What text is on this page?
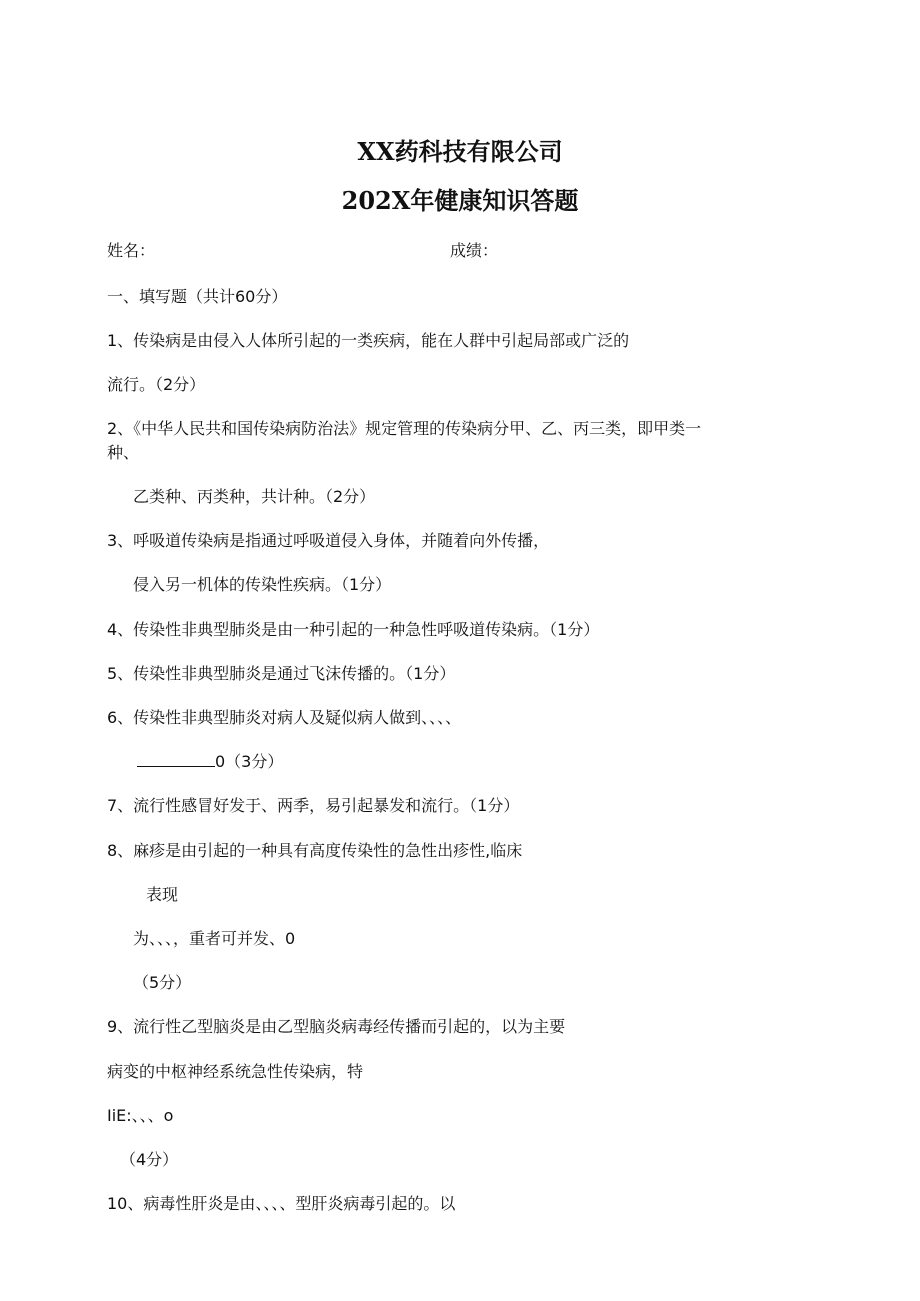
XX药科技有限公司
202X年健康知识答题

姓名：	成绩：

一、填写题（共计60分）

1、传染病是由侵入人体所引起的一类疾病，能在人群中引起局部或广泛的

流行。（2分）

2、《中华人民共和国传染病防治法》规定管理的传染病分甲、乙、丙三类，即甲类一

种、

乙类种、丙类种，共计种。（2分）

3、呼吸道传染病是指通过呼吸道侵入身体，并随着向外传播，

侵入另一机体的传染性疾病。（1分）

4、传染性非典型肺炎是由一种引起的一种急性呼吸道传染病。（1分）

5、传染性非典型肺炎是通过飞沫传播的。（1分）

6、传染性非典型肺炎对病人及疑似病人做到、、、、

0（3分）

7、流行性感冒好发于、两季，易引起暴发和流行。（1分）

8、麻疹是由引起的一种具有高度传染性的急性出疹性,临床

表现

为、、、，重者可并发、0

（5分）

9、流行性乙型脑炎是由乙型脑炎病毒经传播而引起的，以为主要

病变的中枢神经系统急性传染病，特

IiE:、、、o

（4分）

10、病毒性肝炎是由、、、、型肝炎病毒引起的。以
